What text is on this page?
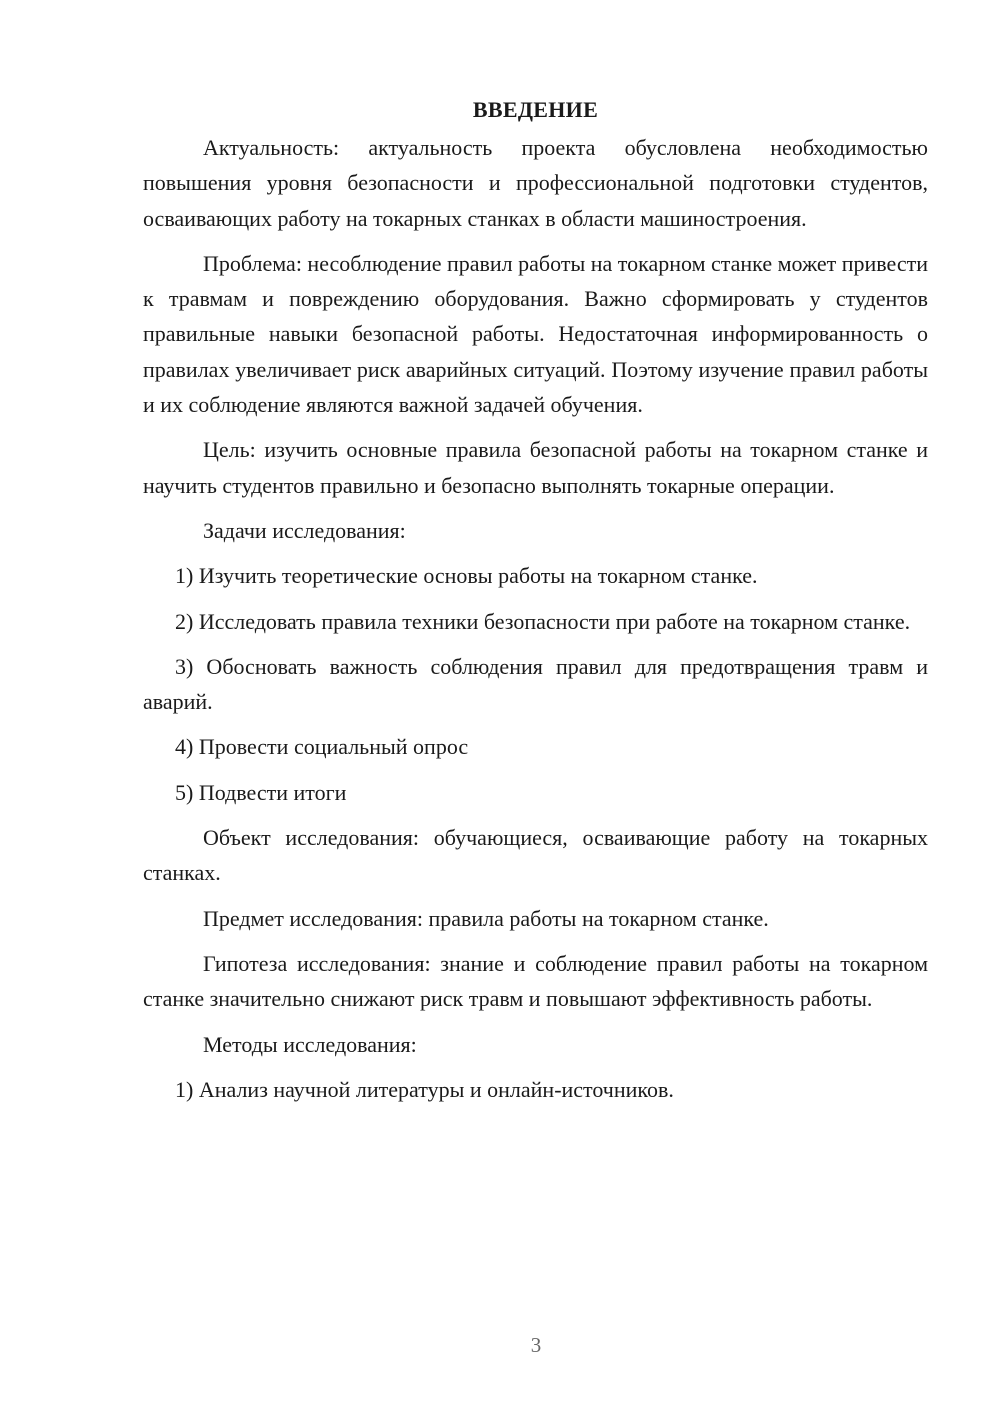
ВВЕДЕНИЕ

Актуальность: актуальность проекта обусловлена необходимостью повышения уровня безопасности и профессиональной подготовки студентов, осваивающих работу на токарных станках в области машиностроения.

Проблема: несоблюдение правил работы на токарном станке может привести к травмам и повреждению оборудования. Важно сформировать у студентов правильные навыки безопасной работы. Недостаточная информированность о правилах увеличивает риск аварийных ситуаций. Поэтому изучение правил работы и их соблюдение являются важной задачей обучения.

Цель: изучить основные правила безопасной работы на токарном станке и научить студентов правильно и безопасно выполнять токарные операции.

Задачи исследования:

1) Изучить теоретические основы работы на токарном станке.

2) Исследовать правила техники безопасности при работе на токарном станке.

3) Обосновать важность соблюдения правил для предотвращения травм и аварий.

4) Провести социальный опрос

5) Подвести итоги

Объект исследования: обучающиеся, осваивающие работу на токарных станках.

Предмет исследования: правила работы на токарном станке.

Гипотеза исследования: знание и соблюдение правил работы на токарном станке значительно снижают риск травм и повышают эффективность работы.

Методы исследования:

1) Анализ научной литературы и онлайн-источников.

3
